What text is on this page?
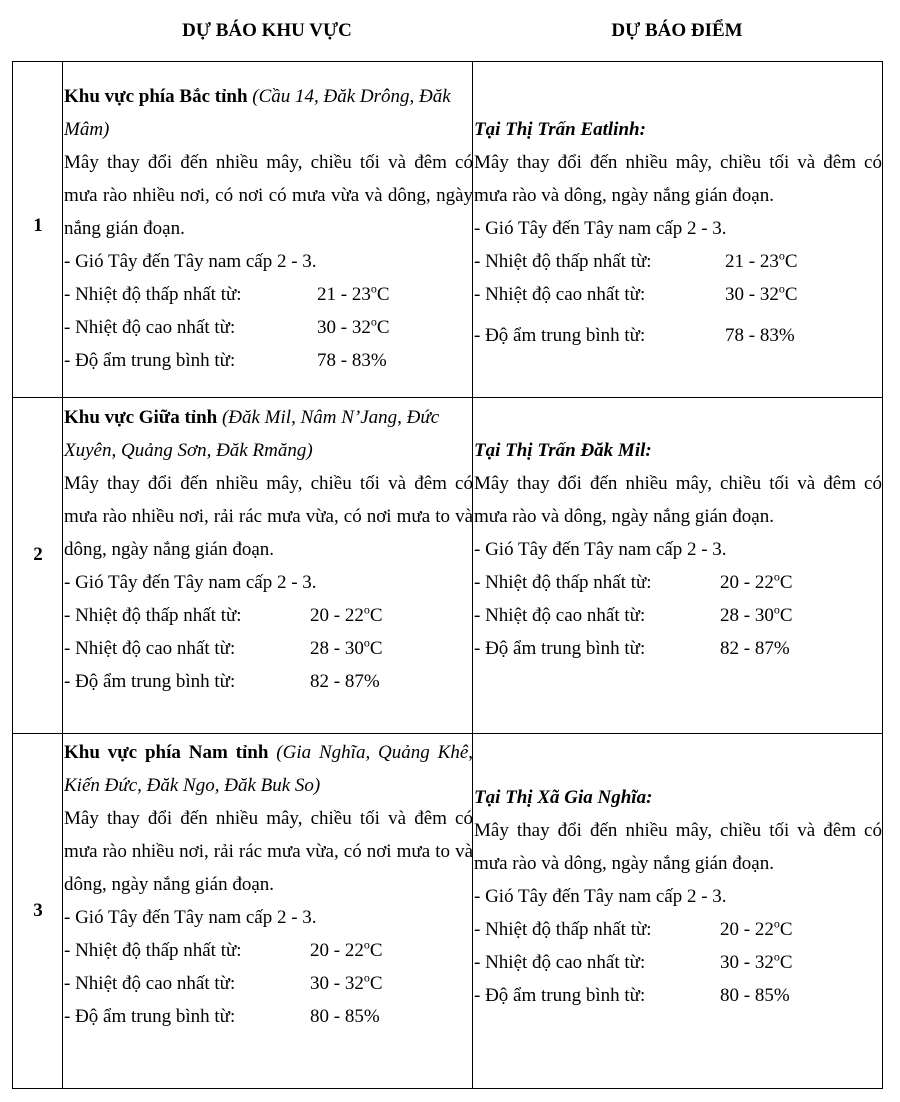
DỰ BÁO KHU VỰC	DỰ BÁO ĐIỂM
1
Khu vực phía Bắc tỉnh (Cầu 14, Đăk Drông, Đăk Mâm)
Mây thay đổi đến nhiều mây, chiều tối và đêm có mưa rào nhiều nơi, có nơi có mưa vừa và dông, ngày nắng gián đoạn.
- Gió Tây đến Tây nam cấp 2 - 3.
- Nhiệt độ thấp nhất từ:	21 - 23$^o$C
- Nhiệt độ cao nhất từ:	30 - 32$^o$C
- Độ ẩm trung bình từ:	78 - 83%
Tại Thị Trấn Eatlinh:
Mây thay đổi đến nhiều mây, chiều tối và đêm có mưa rào và dông, ngày nắng gián đoạn.
- Gió Tây đến Tây nam cấp 2 - 3.
- Nhiệt độ thấp nhất từ:	21 - 23$^o$C
- Nhiệt độ cao nhất từ:	30 - 32$^o$C
- Độ ẩm trung bình từ:	78 - 83%
2
Khu vực Giữa tỉnh (Đăk Mil, Nâm N’Jang, Đức Xuyên, Quảng Sơn, Đăk Rmăng)
Mây thay đổi đến nhiều mây, chiều tối và đêm có mưa rào nhiều nơi, rải rác mưa vừa, có nơi mưa to và dông, ngày nắng gián đoạn.
- Gió Tây đến Tây nam cấp 2 - 3.
- Nhiệt độ thấp nhất từ:	20 - 22$^o$C
- Nhiệt độ cao nhất từ:	28 - 30$^o$C
- Độ ẩm trung bình từ:	82 - 87%
Tại Thị Trấn Đăk Mil:
Mây thay đổi đến nhiều mây, chiều tối và đêm có mưa rào và dông, ngày nắng gián đoạn.
- Gió Tây đến Tây nam cấp 2 - 3.
- Nhiệt độ thấp nhất từ:	20 - 22$^o$C
- Nhiệt độ cao nhất từ:	28 - 30$^o$C
- Độ ẩm trung bình từ:	82 - 87%
3
Khu vực phía Nam tỉnh (Gia Nghĩa, Quảng Khê, Kiến Đức, Đăk Ngo, Đăk Buk So)
Mây thay đổi đến nhiều mây, chiều tối và đêm có mưa rào nhiều nơi, rải rác mưa vừa, có nơi mưa to và dông, ngày nắng gián đoạn.
- Gió Tây đến Tây nam cấp 2 - 3.
- Nhiệt độ thấp nhất từ:	20 - 22$^o$C
- Nhiệt độ cao nhất từ:	30 - 32$^o$C
- Độ ẩm trung bình từ:	80 - 85%
Tại Thị Xã Gia Nghĩa:
Mây thay đổi đến nhiều mây, chiều tối và đêm có mưa rào và dông, ngày nắng gián đoạn.
- Gió Tây đến Tây nam cấp 2 - 3.
- Nhiệt độ thấp nhất từ:	20 - 22$^o$C
- Nhiệt độ cao nhất từ:	30 - 32$^o$C
- Độ ẩm trung bình từ:	80 - 85%
